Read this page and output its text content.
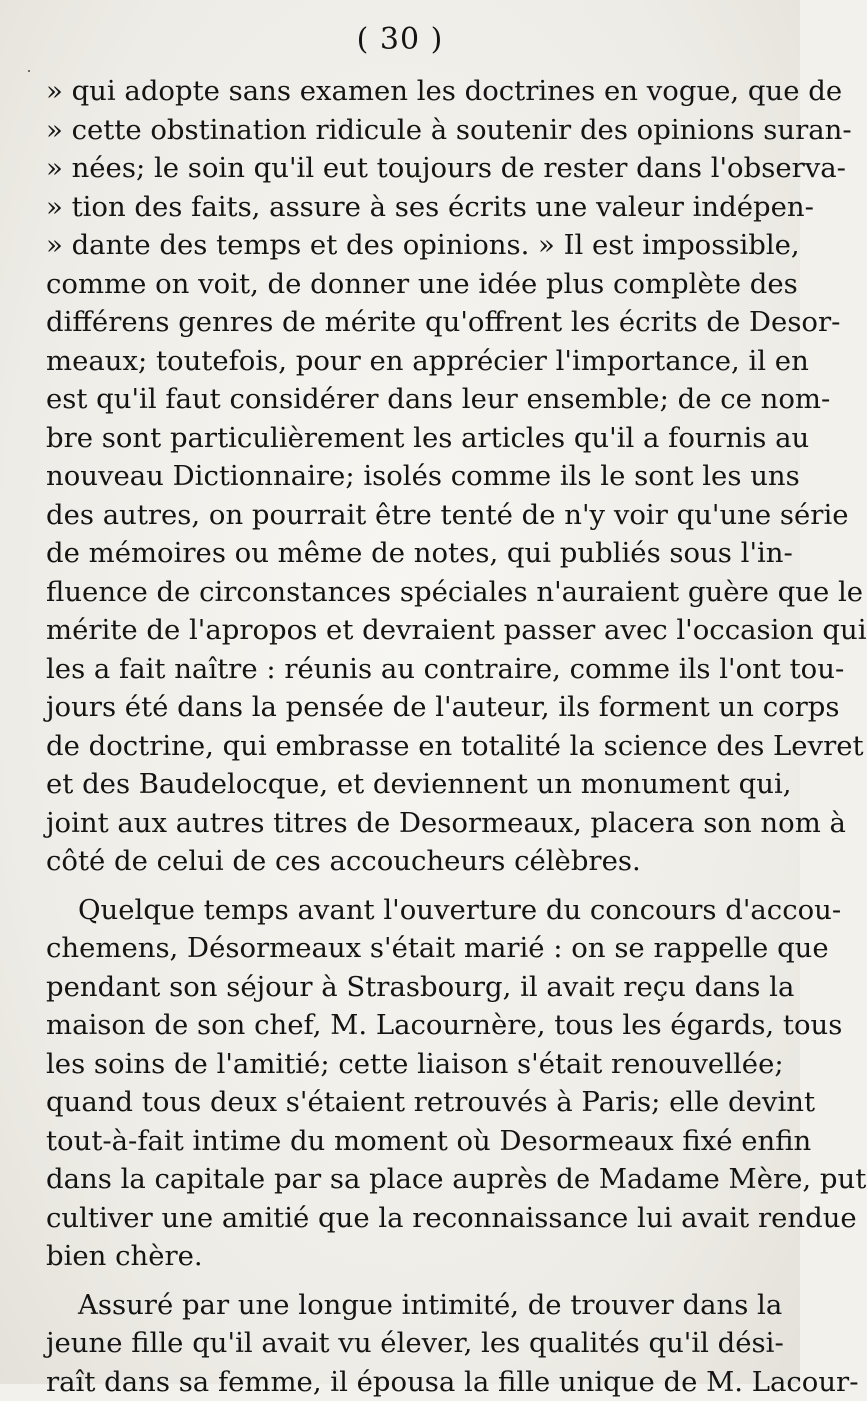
( 30 )
» qui adopte sans examen les doctrines en vogue, que de
» cette obstination ridicule à soutenir des opinions suran-
» nées; le soin qu'il eut toujours de rester dans l'observa-
» tion des faits, assure à ses écrits une valeur indépen-
» dante des temps et des opinions. » Il est impossible,
comme on voit, de donner une idée plus complète des
différens genres de mérite qu'offrent les écrits de Desor-
meaux; toutefois, pour en apprécier l'importance, il en
est qu'il faut considérer dans leur ensemble; de ce nom-
bre sont particulièrement les articles qu'il a fournis au
nouveau Dictionnaire; isolés comme ils le sont les uns
des autres, on pourrait être tenté de n'y voir qu'une série
de mémoires ou même de notes, qui publiés sous l'in-
fluence de circonstances spéciales n'auraient guère que le
mérite de l'apropos et devraient passer avec l'occasion qui
les a fait naître : réunis au contraire, comme ils l'ont tou-
jours été dans la pensée de l'auteur, ils forment un corps
de doctrine, qui embrasse en totalité la science des Levret
et des Baudelocque, et deviennent un monument qui,
joint aux autres titres de Desormeaux, placera son nom à
côté de celui de ces accoucheurs célèbres.
Quelque temps avant l'ouverture du concours d'accou-
chemens, Désormeaux s'était marié : on se rappelle que
pendant son séjour à Strasbourg, il avait reçu dans la
maison de son chef, M. Lacournère, tous les égards, tous
les soins de l'amitié; cette liaison s'était renouvellée;
quand tous deux s'étaient retrouvés à Paris; elle devint
tout-à-fait intime du moment où Desormeaux fixé enfin
dans la capitale par sa place auprès de Madame Mère, put
cultiver une amitié que la reconnaissance lui avait rendue
bien chère.
Assuré par une longue intimité, de trouver dans la
jeune fille qu'il avait vu élever, les qualités qu'il dési-
raît dans sa femme, il épousa la fille unique de M. Lacour-
